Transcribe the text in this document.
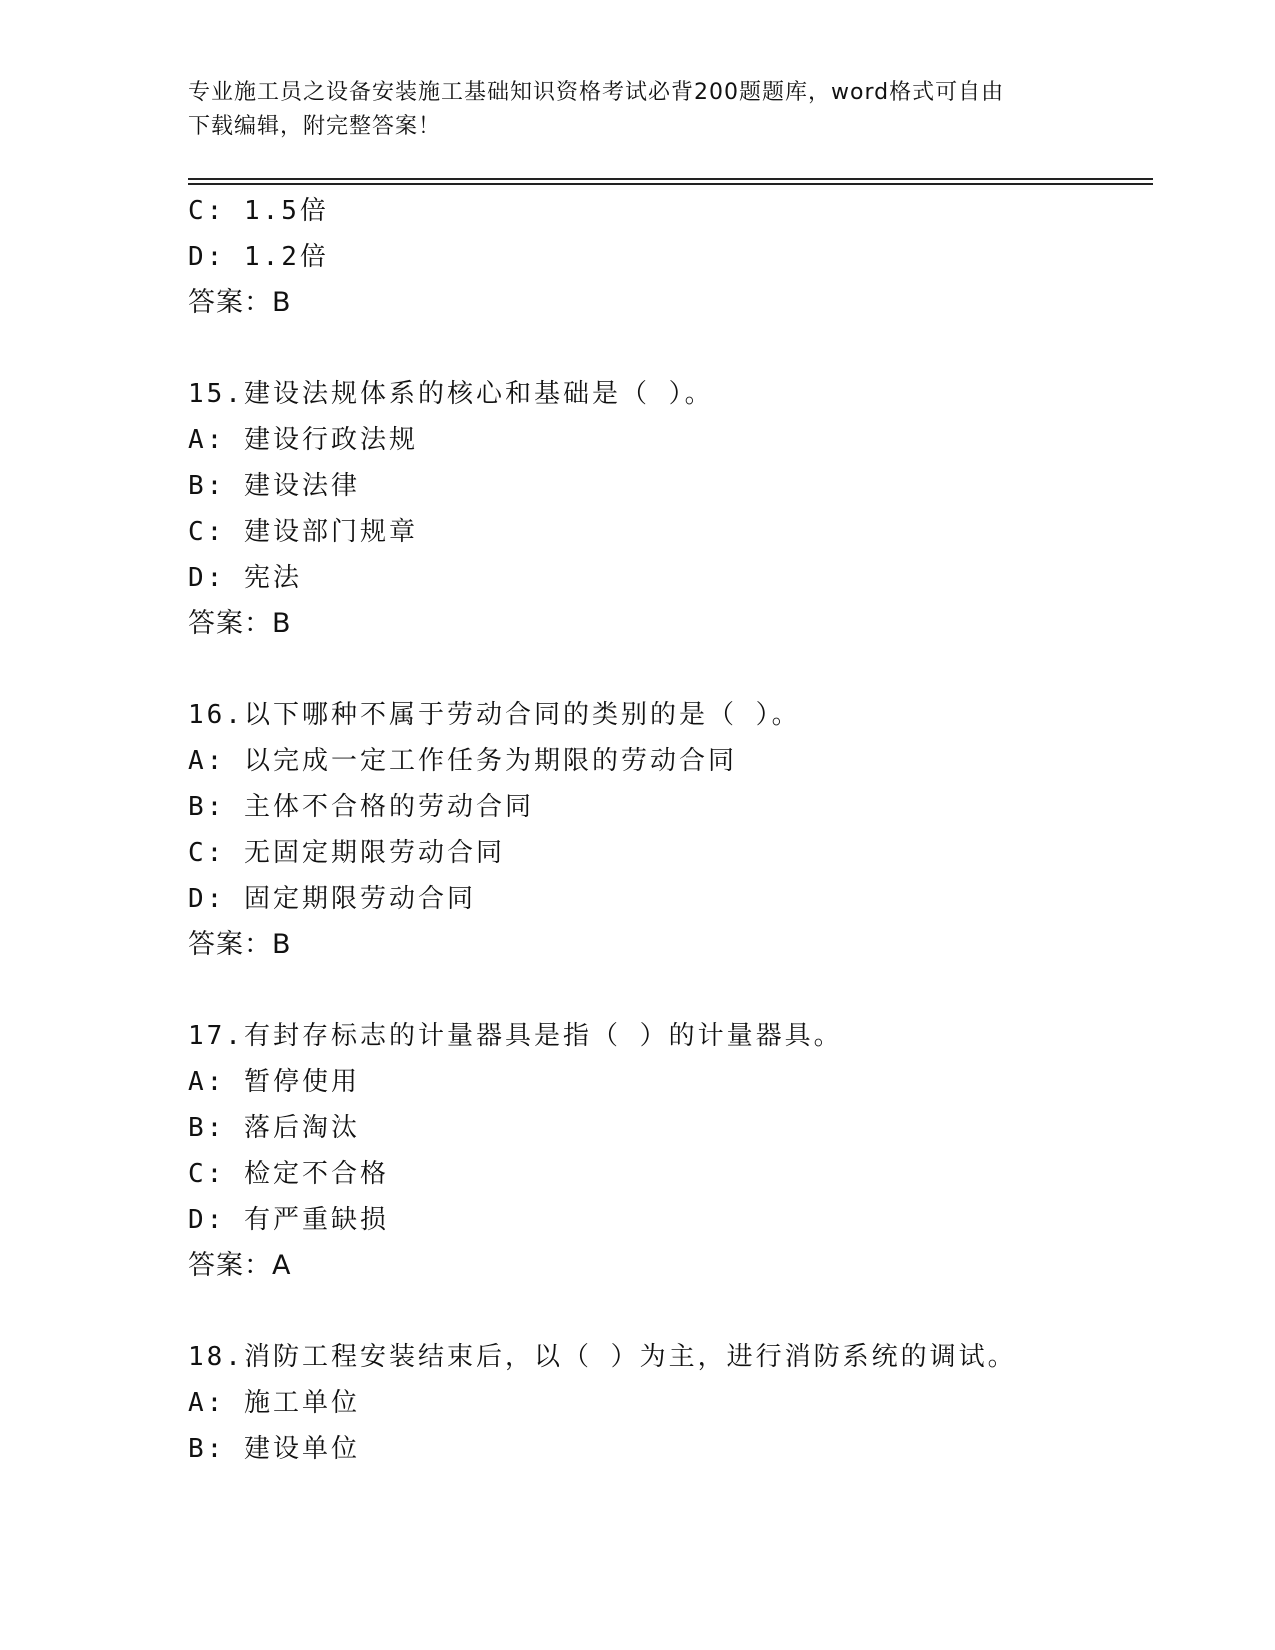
专业施工员之设备安装施工基础知识资格考试必背200题题库，word格式可自由
下载编辑，附完整答案！
C: 1.5倍
D: 1.2倍
答案：B
15.建设法规体系的核心和基础是（ ）。
A: 建设行政法规
B: 建设法律
C: 建设部门规章
D: 宪法
答案：B
16.以下哪种不属于劳动合同的类别的是（ ）。
A: 以完成一定工作任务为期限的劳动合同
B: 主体不合格的劳动合同
C: 无固定期限劳动合同
D: 固定期限劳动合同
答案：B
17.有封存标志的计量器具是指（ ）的计量器具。
A: 暂停使用
B: 落后淘汰
C: 检定不合格
D: 有严重缺损
答案：A
18.消防工程安装结束后，以（ ）为主，进行消防系统的调试。
A: 施工单位
B: 建设单位
